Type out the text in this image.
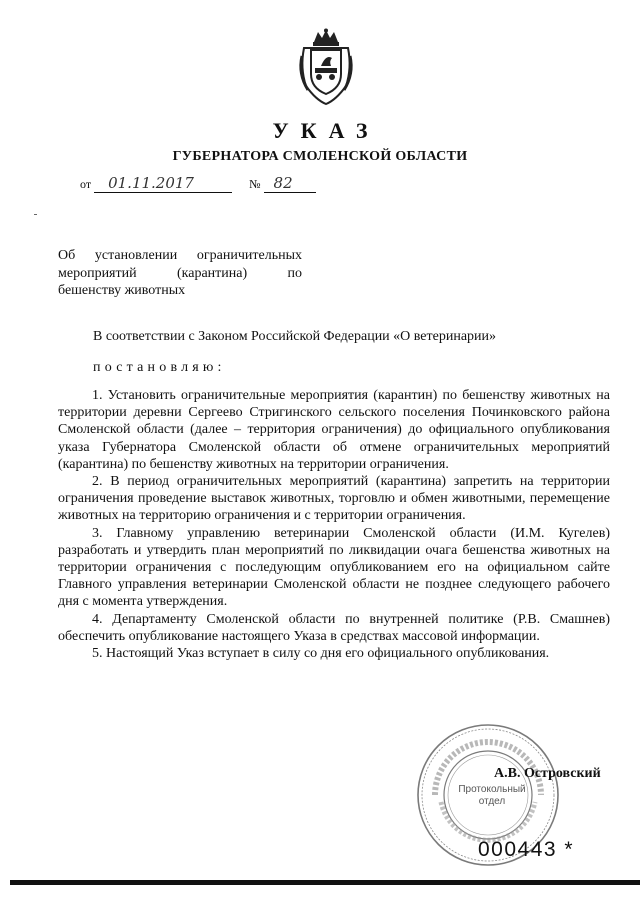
УКАЗ
ГУБЕРНАТОРА СМОЛЕНСКОЙ ОБЛАСТИ
от 01.11.2017	№ 82
Об установлении ограничительных
мероприятий (карантина) по
бешенству животных
В соответствии с Законом Российской Федерации «О ветеринарии»
постановляю:

1. Установить ограничительные мероприятия (карантин) по бешенству животных на территории деревни Сергеево Стригинского сельского поселения Починковского района Смоленской области (далее – территория ограничения) до официального опубликования указа Губернатора Смоленской области об отмене ограничительных мероприятий (карантина) по бешенству животных на территории ограничения.

2. В период ограничительных мероприятий (карантина) запретить на территории ограничения проведение выставок животных, торговлю и обмен животными, перемещение животных на территорию ограничения и с территории ограничения.

3. Главному управлению ветеринарии Смоленской области (И.М. Кугелев) разработать и утвердить план мероприятий по ликвидации очага бешенства животных на территории ограничения с последующим опубликованием его на официальном сайте Главного управления ветеринарии Смоленской области не позднее следующего рабочего дня с момента утверждения.

4. Департаменту Смоленской области по внутренней политике (Р.В. Смашнев) обеспечить опубликование настоящего Указа в средствах массовой информации.

5. Настоящий Указ вступает в силу со дня его официального опубликования.

Протокольный
отдел
А.В. Островский
000443 *
